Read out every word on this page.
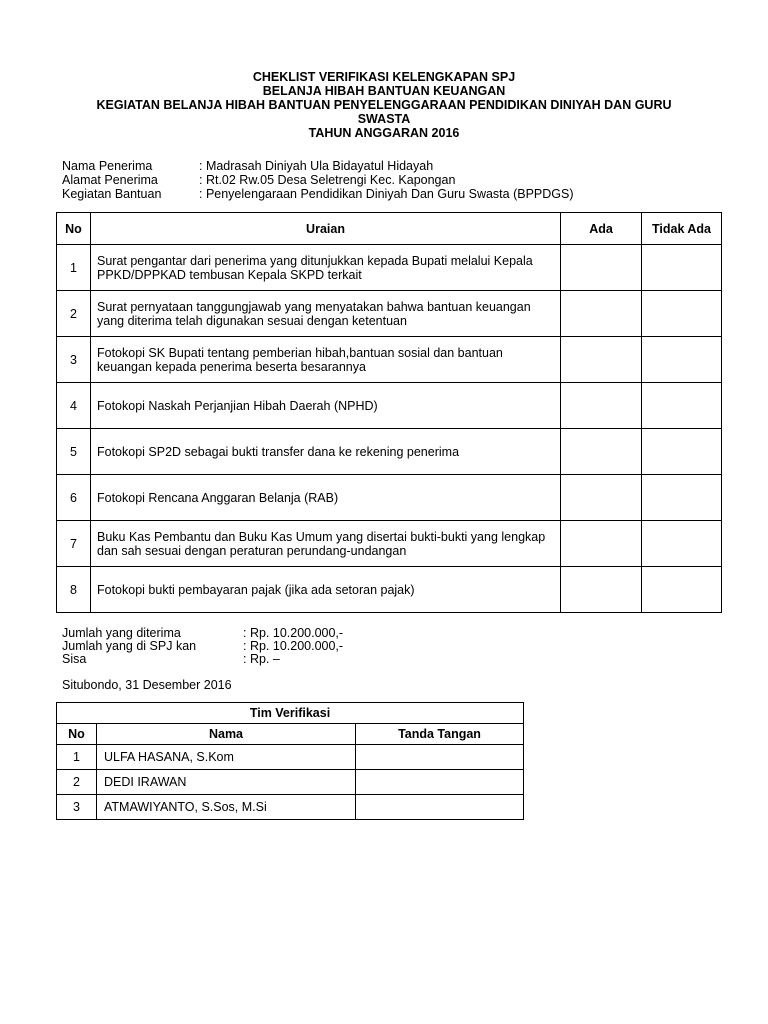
CHEKLIST VERIFIKASI KELENGKAPAN SPJ
BELANJA HIBAH BANTUAN KEUANGAN
KEGIATAN BELANJA HIBAH BANTUAN PENYELENGGARAAN PENDIDIKAN DINIYAH DAN GURU
SWASTA
TAHUN ANGGARAN 2016
Nama Penerima	: Madrasah Diniyah Ula Bidayatul Hidayah
Alamat Penerima	: Rt.02 Rw.05 Desa Seletrengi Kec. Kapongan
Kegiatan Bantuan	: Penyelengaraan Pendidikan Diniyah Dan Guru Swasta (BPPDGS)
No	Uraian	Ada	Tidak Ada
1	Surat pengantar dari penerima yang ditunjukkan kepada Bupati melalui Kepala PPKD/DPPKAD tembusan Kepala SKPD terkait		
2	Surat pernyataan tanggungjawab yang menyatakan bahwa bantuan keuangan yang diterima telah digunakan sesuai dengan ketentuan		
3	Fotokopi SK Bupati tentang pemberian hibah,bantuan sosial dan bantuan keuangan kepada penerima beserta besarannya		
4	Fotokopi Naskah Perjanjian Hibah Daerah (NPHD)		
5	Fotokopi SP2D sebagai bukti transfer dana ke rekening penerima		
6	Fotokopi Rencana Anggaran Belanja (RAB)		
7	Buku Kas Pembantu dan Buku Kas Umum yang disertai bukti-bukti yang lengkap dan sah sesuai dengan peraturan perundang-undangan		
8	Fotokopi bukti pembayaran pajak (jika ada setoran pajak)		
Jumlah yang diterima	: Rp. 10.200.000,-
Jumlah yang di SPJ kan	: Rp. 10.200.000,-
Sisa	: Rp. –
Situbondo, 31 Desember 2016
Tim Verifikasi		
No	Nama	Tanda Tangan
1	ULFA HASANA, S.Kom	
2	DEDI IRAWAN	
3	ATMAWIYANTO, S.Sos, M.Si	
